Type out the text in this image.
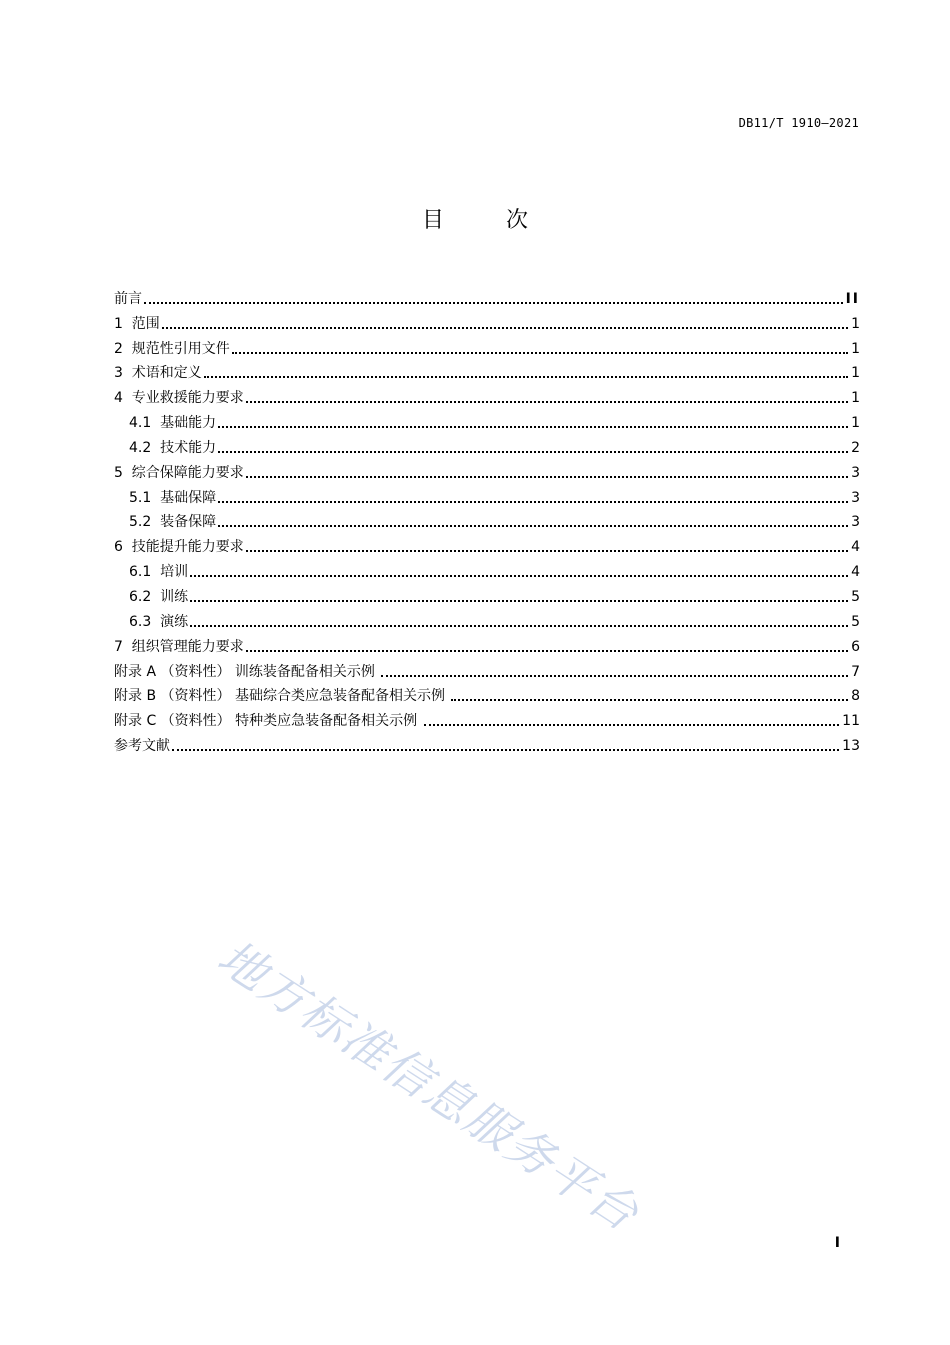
DB11/T 1910—2021
目次
前言	II
1  范围	1
2  规范性引用文件	1
3  术语和定义	1
4  专业救援能力要求	1
4.1  基础能力	1
4.2  技术能力	2
5  综合保障能力要求	3
5.1  基础保障	3
5.2  装备保障	3
6  技能提升能力要求	4
6.1  培训	4
6.2  训练	5
6.3  演练	5
7  组织管理能力要求	6
附录 A （资料性） 训练装备配备相关示例	7
附录 B （资料性） 基础综合类应急装备配备相关示例	8
附录 C （资料性） 特种类应急装备配备相关示例	11
参考文献	13
地方标准信息服务平台
I
